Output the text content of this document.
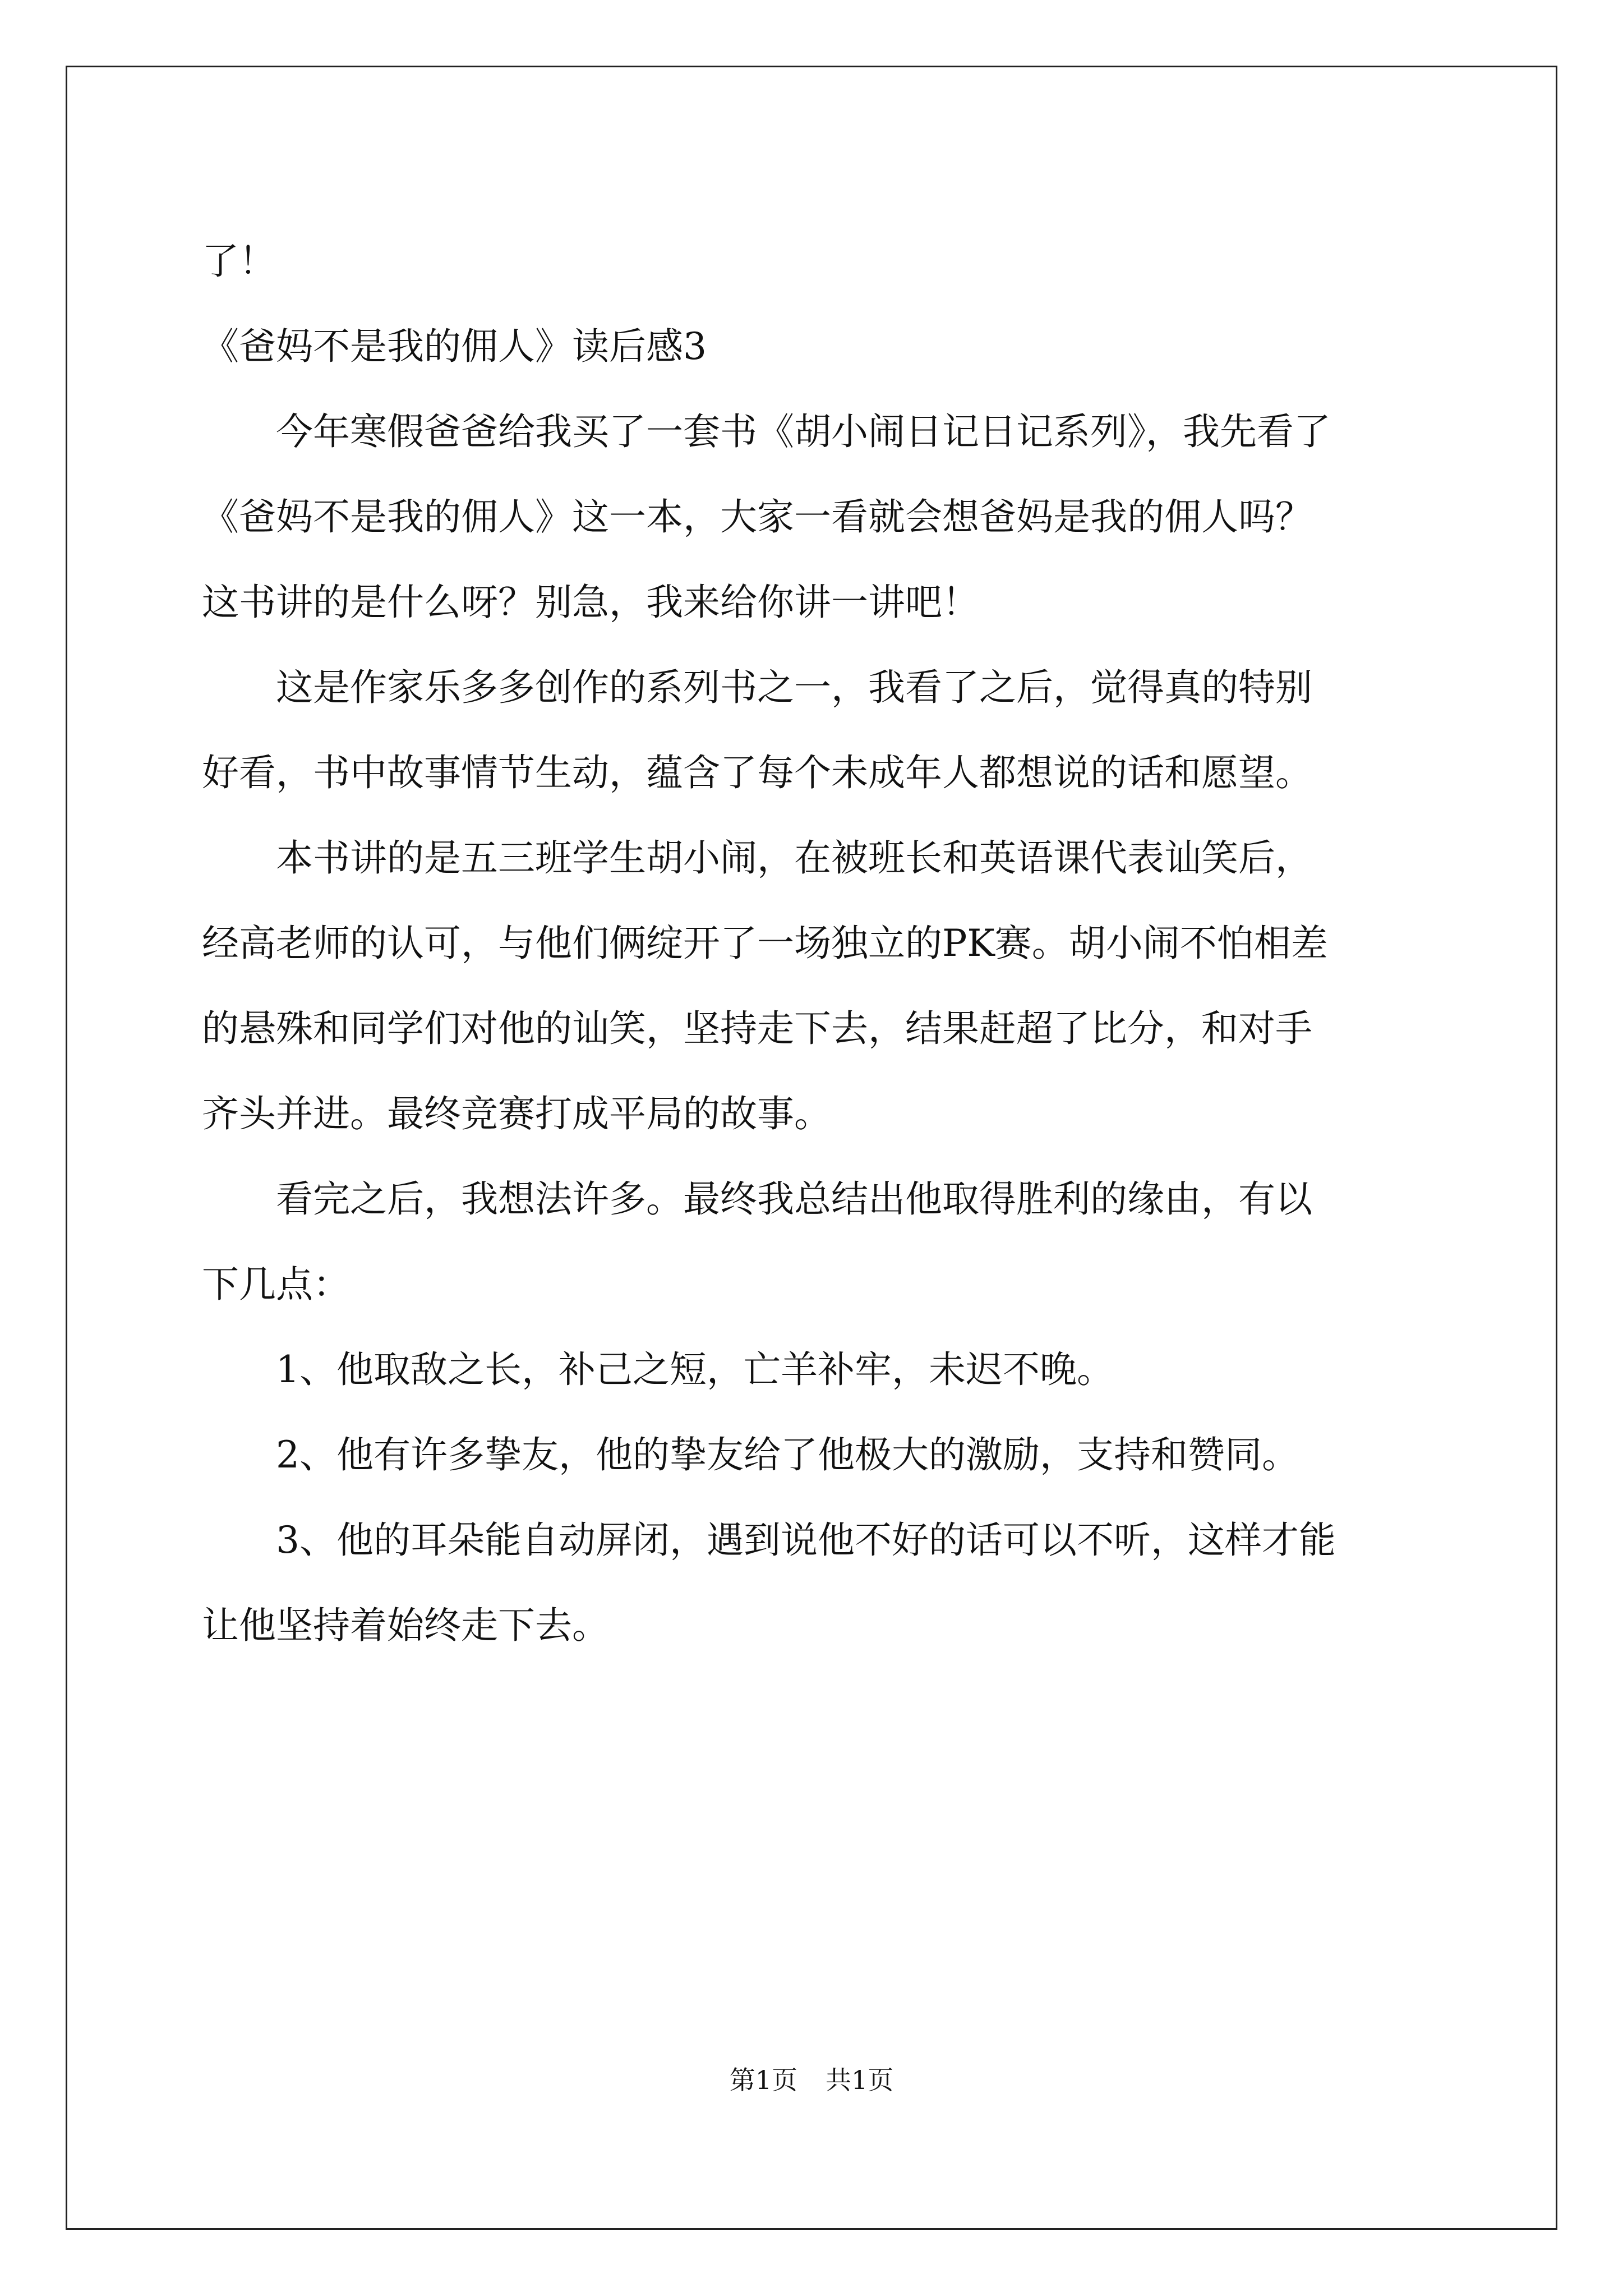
了！

《爸妈不是我的佣人》读后感3

今年寒假爸爸给我买了一套书《胡小闹日记日记系列》，我先看了

《爸妈不是我的佣人》这一本，大家一看就会想爸妈是我的佣人吗？

这书讲的是什么呀？别急，我来给你讲一讲吧！

这是作家乐多多创作的系列书之一，我看了之后，觉得真的特别

好看，书中故事情节生动，蕴含了每个未成年人都想说的话和愿望。

本书讲的是五三班学生胡小闹，在被班长和英语课代表讪笑后，

经高老师的认可，与他们俩绽开了一场独立的PK赛。胡小闹不怕相差

的悬殊和同学们对他的讪笑，坚持走下去，结果赶超了比分，和对手

齐头并进。最终竞赛打成平局的故事。

看完之后，我想法许多。最终我总结出他取得胜利的缘由，有以

下几点：

1、他取敌之长，补己之短，亡羊补牢，未迟不晚。

2、他有许多挚友，他的挚友给了他极大的激励，支持和赞同。

3、他的耳朵能自动屏闭，遇到说他不好的话可以不听，这样才能

让他坚持着始终走下去。

第1页 共1页
